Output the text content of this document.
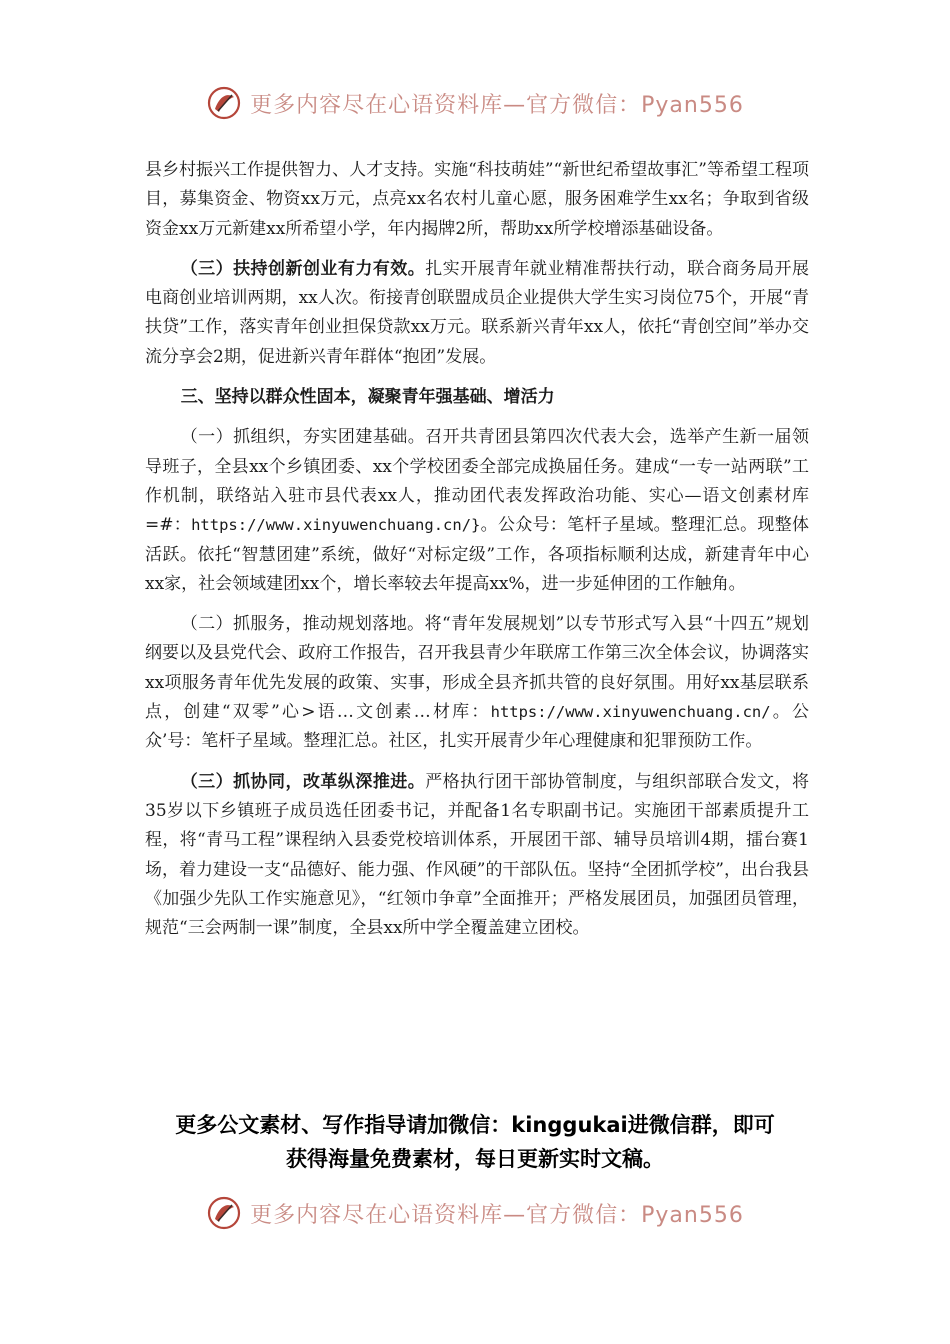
更多内容尽在心语资料库—官方微信：Pyan556

县乡村振兴工作提供智力、人才支持。实施“科技萌娃”“新世纪希望故事汇”等希望工程项目，募集资金、物资xx万元，点亮xx名农村儿童心愿，服务困难学生xx名；争取到省级资金xx万元新建xx所希望小学，年内揭牌2所，帮助xx所学校增添基础设备。

（三）扶持创新创业有力有效。扎实开展青年就业精准帮扶行动，联合商务局开展电商创业培训两期，xx人次。衔接青创联盟成员企业提供大学生实习岗位75个，开展“青扶贷”工作，落实青年创业担保贷款xx万元。联系新兴青年xx人，依托“青创空间”举办交流分享会2期，促进新兴青年群体“抱团”发展。

三、坚持以群众性固本，凝聚青年强基础、增活力

（一）抓组织，夯实团建基础。召开共青团县第四次代表大会，选举产生新一届领导班子，全县xx个乡镇团委、xx个学校团委全部完成换届任务。建成“一专一站两联”工作机制，联络站入驻市县代表xx人，推动团代表发挥政治功能、实心—语文创素材库=#：https://www.xinyuwenchuang.cn/}。公众号：笔杆子星域。整理汇总。现整体活跃。依托“智慧团建”系统，做好“对标定级”工作，各项指标顺利达成，新建青年中心xx家，社会领域建团xx个，增长率较去年提高xx%，进一步延伸团的工作触角。

（二）抓服务，推动规划落地。将“青年发展规划”以专节形式写入县“十四五”规划纲要以及县党代会、政府工作报告，召开我县青少年联席工作第三次全体会议，协调落实xx项服务青年优先发展的政策、实事，形成全县齐抓共管的良好氛围。用好xx基层联系点，创建“双零”心>语…文创素…材库：https://www.xinyuwenchuang.cn/。公众’号：笔杆子星域。整理汇总。社区，扎实开展青少年心理健康和犯罪预防工作。

（三）抓协同，改革纵深推进。严格执行团干部协管制度，与组织部联合发文，将35岁以下乡镇班子成员选任团委书记，并配备1名专职副书记。实施团干部素质提升工程，将“青马工程”课程纳入县委党校培训体系，开展团干部、辅导员培训4期，擂台赛1场，着力建设一支“品德好、能力强、作风硬”的干部队伍。坚持“全团抓学校”，出台我县《加强少先队工作实施意见》，“红领巾争章”全面推开；严格发展团员，加强团员管理，规范“三会两制一课”制度，全县xx所中学全覆盖建立团校。

更多公文素材、写作指导请加微信：kinggukai进微信群，即可
获得海量免费素材，每日更新实时文稿。
更多内容尽在心语资料库—官方微信：Pyan556
